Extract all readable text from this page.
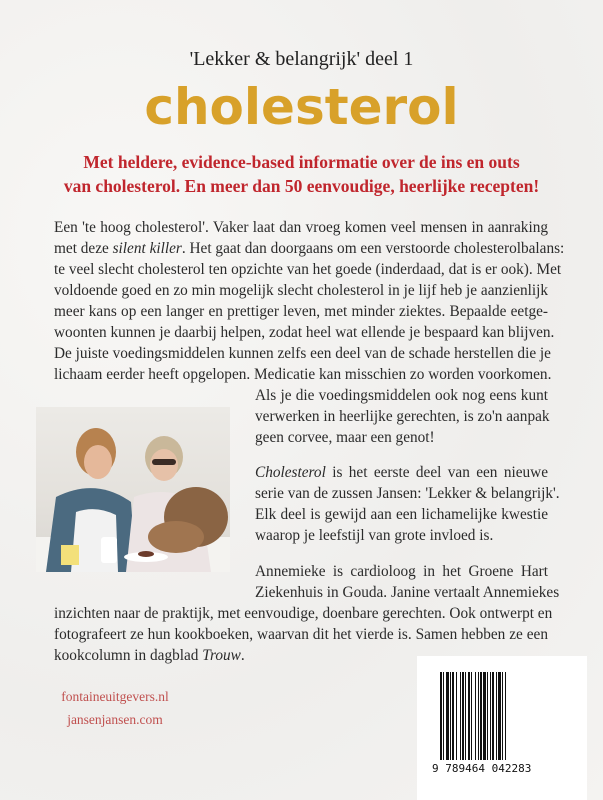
'Lekker & belangrijk' deel 1
cholesterol
Met heldere, evidence-based informatie over de ins en outs
van cholesterol. En meer dan 50 eenvoudige, heerlijke recepten!
Een 'te hoog cholesterol'. Vaker laat dan vroeg komen veel mensen in aanraking
met deze silent killer. Het gaat dan doorgaans om een verstoorde cholesterolbalans:
te veel slecht cholesterol ten opzichte van het goede (inderdaad, dat is er ook). Met
voldoende goed en zo min mogelijk slecht cholesterol in je lijf heb je aanzienlijk
meer kans op een langer en prettiger leven, met minder ziektes. Bepaalde eetge-
woonten kunnen je daarbij helpen, zodat heel wat ellende je bespaard kan blijven.
De juiste voedingsmiddelen kunnen zelfs een deel van de schade herstellen die je
lichaam eerder heeft opgelopen. Medicatie kan misschien zo worden voorkomen.
Als je die voedingsmiddelen ook nog eens kunt
verwerken in heerlijke gerechten, is zo'n aanpak
geen corvee, maar een genot!
Cholesterol is het eerste deel van een nieuwe
serie van de zussen Jansen: 'Lekker & belangrijk'.
Elk deel is gewijd aan een lichamelijke kwestie
waarop je leefstijl van grote invloed is.
Annemieke is cardioloog in het Groene Hart
Ziekenhuis in Gouda. Janine vertaalt Annemiekes
inzichten naar de praktijk, met eenvoudige, doenbare gerechten. Ook ontwerpt en
fotografeert ze hun kookboeken, waarvan dit het vierde is. Samen hebben ze een
kookcolumn in dagblad Trouw.
fontaineuitgevers.nl
jansenjansen.com
9 789464 042283
